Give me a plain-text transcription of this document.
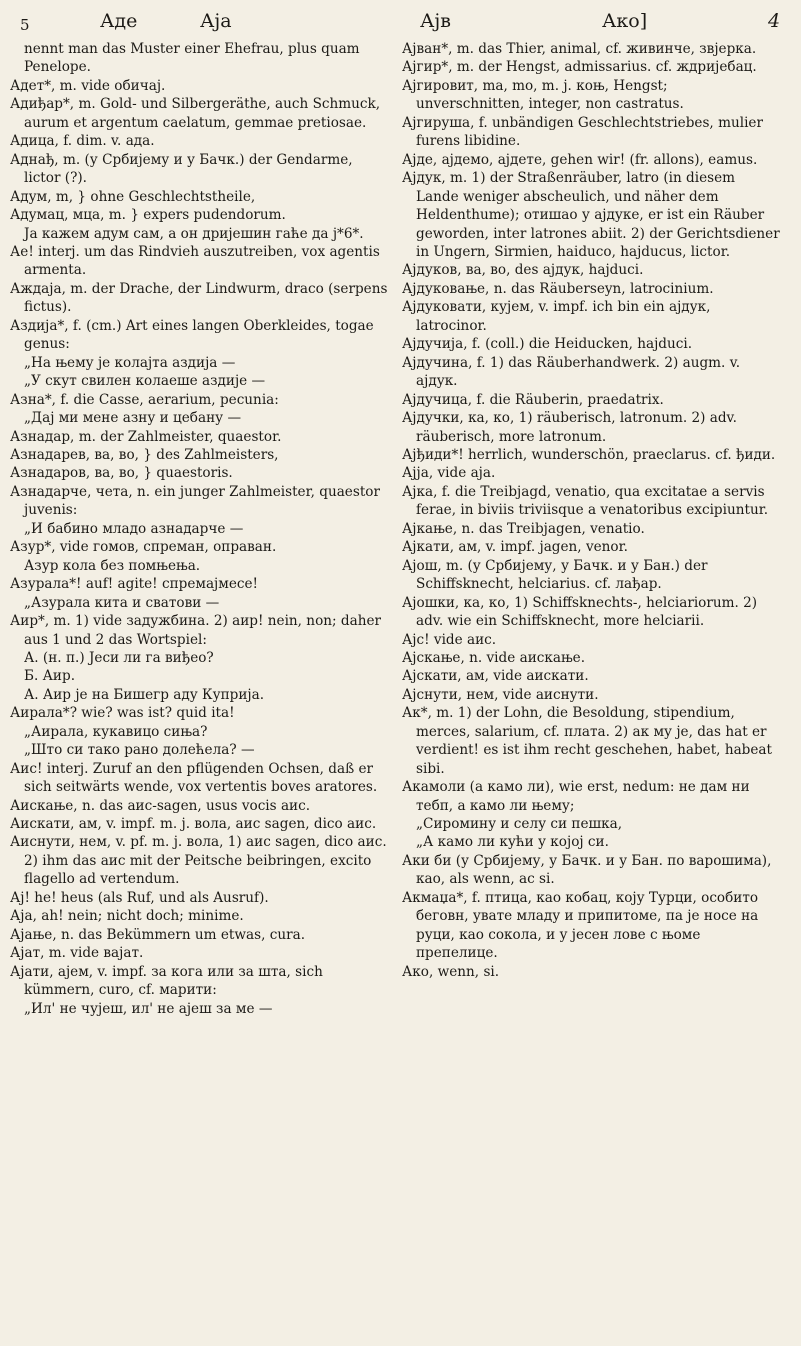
5	Аде	Аја	Ајв	Ако]	4

nennt man das Muster einer Ehefrau, plus quam Penelope.

Адет*, m. vide обичај.

Адиђар*, m. Gold- und Silbergeräthe, auch Schmuck, aurum et argentum caelatum, gemmae pretiosae.

Адица, f. dim. v. ада.

Аднађ, m. (у Србијему и у Бачк.) der Gendarme, lictor (?).

Адум, m, } ohne Geschlechtstheile,

Адумац, мца, m. } expers pudendorum.

Ја кажем адум сам, а он дријешин гаће да ј*6*.

Ае! interj. um das Rindvieh auszutreiben, vox agentis armenta.

Аждаја, m. der Drache, der Lindwurm, draco (serpens fictus).

Аздија*, f. (сm.) Art eines langen Oberkleides, togae genus:

„На њему је колајта аздија —

„У скут свилен колаеше аздије —

Азна*, f. die Casse, aerarium, pecunia:

„Дај ми мене азну и цебану —

Азнадар, m. der Zahlmeister, quaestor.

Азнадарев, ва, во, } des Zahlmeisters,

Азнадаров, ва, во, } quaestoris.

Азнадарче, чета, n. ein junger Zahlmeister, quaestor juvenis:

„И бабино младо азнадарче —

Азур*, vide гомов, спреман, оправан.

Азур кола без помњења.

Азурала*! auf! agite! спремајмесе!

„Азурала кита и сватови —

Аир*, m. 1) vide задужбина. 2) аир! nein, non; daher aus 1 und 2 das Wortspiel:

А. (н. п.) Јеси ли га виђео?

Б. Аир.

А. Аир је на Бишегр аду Куприја.

Аирала*? wie? was ist? quid ita!

„Аирала, кукавицо сињa?

„Што си тако рано долећела? —

Аис! interj. Zuruf an den pflügenden Ochsen, daß er sich seitwärts wende, vox vertentis boves aratores.

Аискање, n. das аис-sagen, usus vocis аис.

Аискати, ам, v. impf. m. j. вола, аис sagen, dico аис.

Аиснути, нем, v. pf. m. j. вола, 1) аис sagen, dico аис. 2) ihm das аис mit der Peitsche beibringen, excito flagello ad vertendum.

Ај! he! heus (als Ruf, und als Ausruf).

Аја, ah! nein; nicht doch; minime.

Ајање, n. das Bekümmern um etwas, cura.

Ајат, m. vide вајат.

Ајати, ајем, v. impf. за кога или за шта, sich kümmern, curo, cf. марити:

„Ил' не чујеш, ил' не ајеш за ме —

Ајван*, m. das Thier, animal, cf. живинче, звјерка.

Ајгир*, m. der Hengst, admissarius. cf. ждријебац.

Ајгировит, ma, mo, m. j. коњ, Hengst; unverschnitten, integer, non castratus.

Ајгируша, f. unbändigen Geschlechtstriebes, mulier furens libidine.

Ајде, ајдемо, ајдете, gehen wir! (fr. allons), eamus.

Ајдук, m. 1) der Straßenräuber, latro (in diesem Lande weniger abscheulich, und näher dem Heldenthume); отишао у ајдуке, er ist ein Räuber geworden, inter latrones abiit. 2) der Gerichtsdiener in Ungern, Sirmien, haiduco, hajducus, lictor.

Ајдуков, ва, во, des ајдук, hajduci.

Ајдуковање, n. das Räuberseyn, latrocinium.

Ајдуковати, кујем, v. impf. ich bin ein ајдук, latrocinor.

Ајдучија, f. (coll.) die Heiducken, hajduci.

Ајдучина, f. 1) das Räuberhandwerk. 2) augm. v. ајдук.

Ајдучица, f. die Räuberin, praedatrix.

Ајдучки, ка, ко, 1) räuberisch, latronum. 2) adv. räuberisch, more latronum.

Ајђиди*! herrlich, wunderschön, praeclarus. cf. ђиди.

Ајја, vide аја.

Ајка, f. die Treibjagd, venatio, qua excitatae a servis ferae, in biviis triviisque a venatoribus excipiuntur.

Ајкање, n. das Treibjagen, venatio.

Ајкати, ам, v. impf. jagen, venor.

Ајош, m. (у Србијему, у Бачк. и у Бан.) der Schiffsknecht, helciarius. cf. лађар.

Ајошки, ка, ко, 1) Schiffsknechts-, helciariorum. 2) adv. wie ein Schiffsknecht, more helciarii.

Ајс! vide аис.

Ајскање, n. vide аискање.

Ајскати, ам, vide аискати.

Ајснути, нем, vide аиснути.

Ак*, m. 1) der Lohn, die Besoldung, stipendium, merces, salarium, cf. плата. 2) ак му је, das hat er verdient! es ist ihm recht geschehen, habet, habeat sibi.

Акамоли (а камо ли), wie erst, nedum: не дам ни тебп, а камо ли њему;

„Сиромину и селу си пешка,

„А камо ли кући у којој си.

Аки би (у Србијему, у Бачк. и у Бан. по варошима), као, als wenn, ac si.

Акмаџа*, f. птица, као кобац, коју Турци, особито беговн, увате младу и припитоме, па је носе на руци, као сокола, и у јесен лове с њоме препелице.

Ако, wenn, si.
